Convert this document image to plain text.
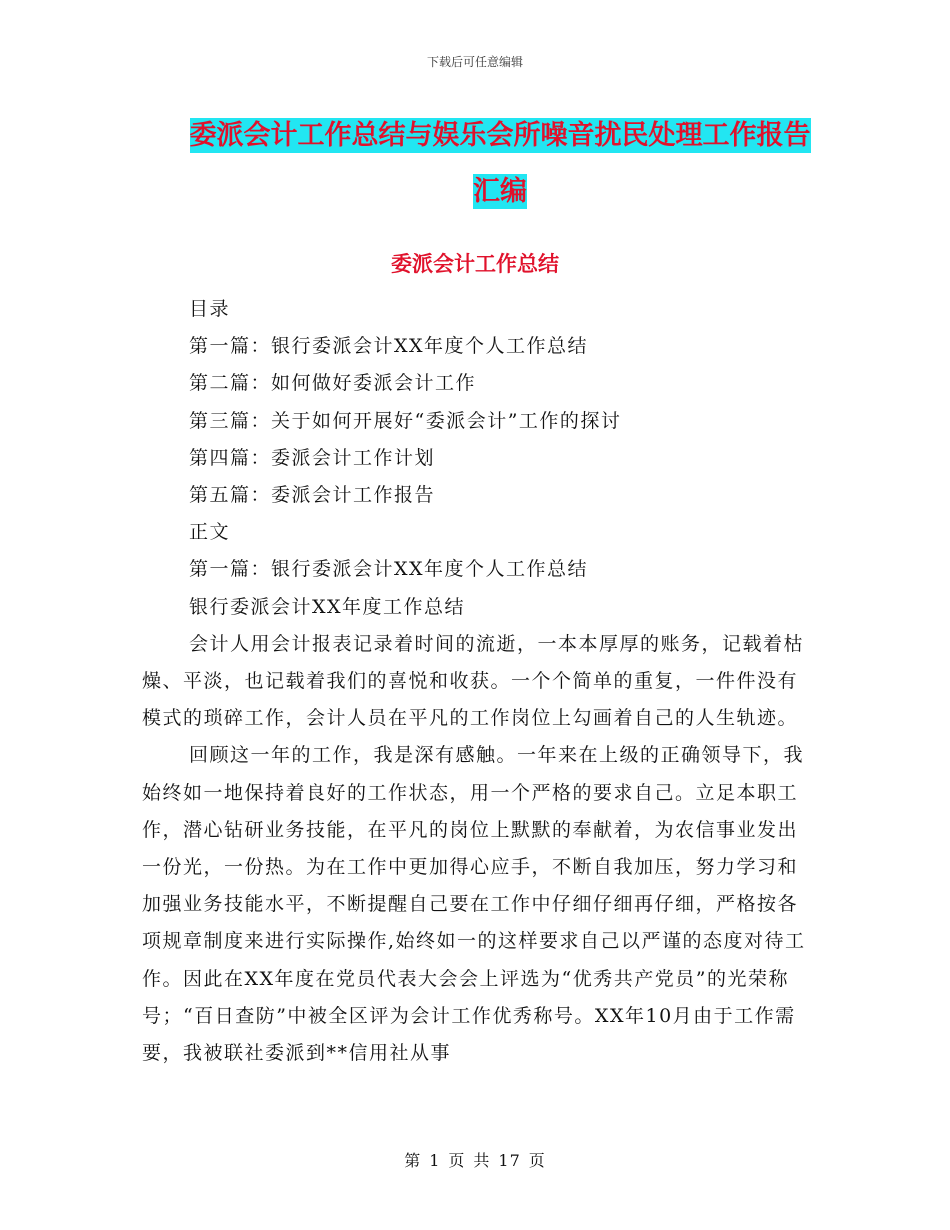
下载后可任意编辑
委派会计工作总结与娱乐会所噪音扰民处理工作报告
汇编
委派会计工作总结

目录

第一篇：银行委派会计XX年度个人工作总结

第二篇：如何做好委派会计工作

第三篇：关于如何开展好“委派会计”工作的探讨

第四篇：委派会计工作计划

第五篇：委派会计工作报告

正文

第一篇：银行委派会计XX年度个人工作总结

银行委派会计XX年度工作总结

会计人用会计报表记录着时间的流逝，一本本厚厚的账务，记载着枯燥、平淡，也记载着我们的喜悦和收获。一个个简单的重复，一件件没有模式的琐碎工作，会计人员在平凡的工作岗位上勾画着自己的人生轨迹。

回顾这一年的工作，我是深有感触。一年来在上级的正确领导下，我始终如一地保持着良好的工作状态，用一个严格的要求自己。立足本职工作，潜心钻研业务技能，在平凡的岗位上默默的奉献着，为农信事业发出一份光，一份热。为在工作中更加得心应手，不断自我加压，努力学习和加强业务技能水平，不断提醒自己要在工作中仔细仔细再仔细，严格按各项规章制度来进行实际操作,始终如一的这样要求自己以严谨的态度对待工作。因此在XX年度在党员代表大会会上评选为“优秀共产党员”的光荣称号；“百日查防”中被全区评为会计工作优秀称号。XX年10月由于工作需要，我被联社委派到**信用社从事

第 1 页 共 17 页
